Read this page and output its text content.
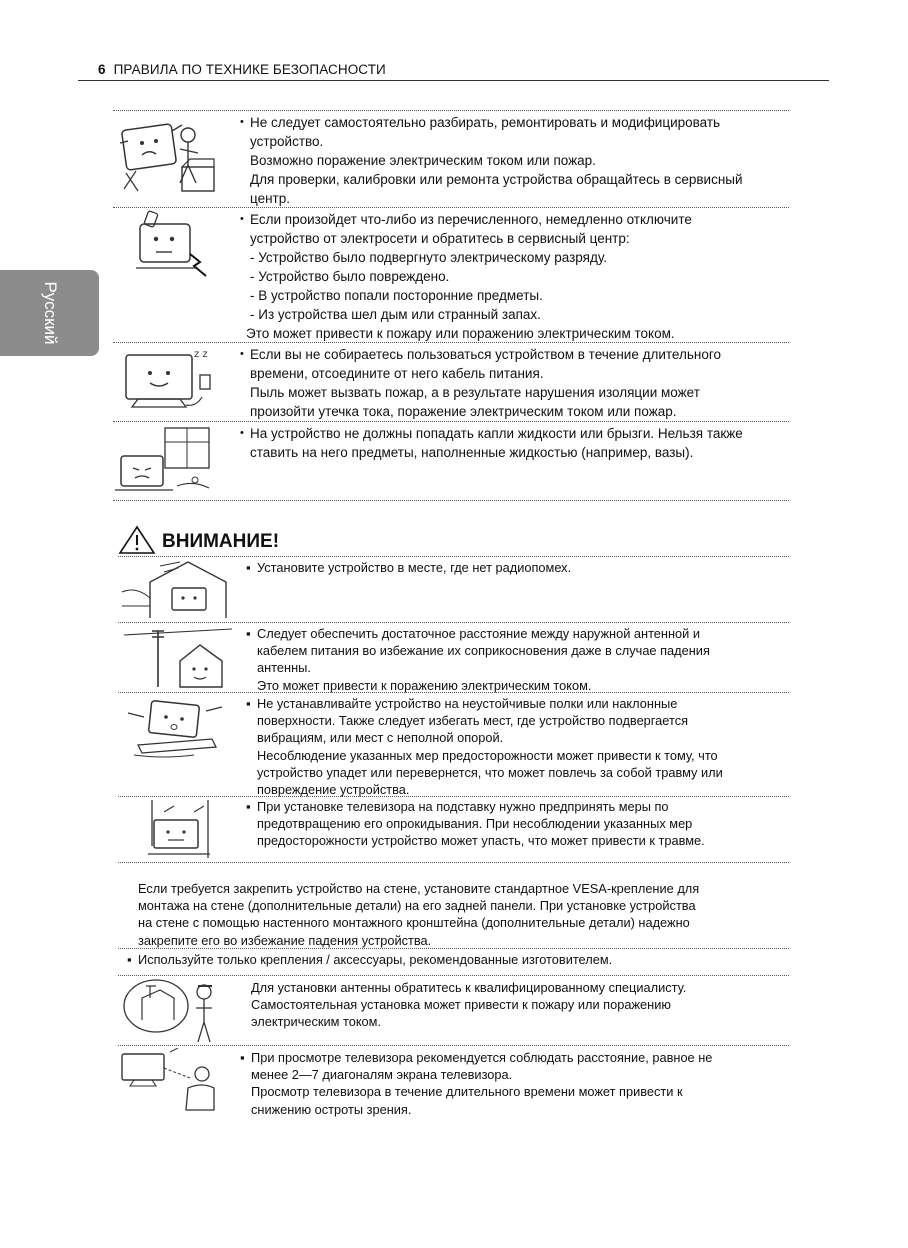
6 ПРАВИЛА ПО ТЕХНИКЕ БЕЗОПАСНОСТИ
Русский

• Не следует самостоятельно разбирать, ремонтировать и модифицировать

устройство.

Возможно поражение электрическим током или пожар.

Для проверки, калибровки или ремонта устройства обращайтесь в сервисный

центр.

• Если произойдет что-либо из перечисленного, немедленно отключите

устройство от электросети и обратитесь в сервисный центр:

- Устройство было подвергнуто электрическому разряду.

- Устройство было повреждено.

- В устройство попали посторонние предметы.

- Из устройства шел дым или странный запах.

Это может привести к пожару или поражению электрическим током.

z z

•	Если вы не собираетесь пользоваться устройством в течение длительного

времени, отсоедините от него кабель питания.

Пыль может вызвать пожар, а в результате нарушения изоляции может

произойти утечка тока, поражение электрическим током или пожар.

• На устройство не должны попадать капли жидкости или брызги. Нельзя также

ставить на него предметы, наполненные жидкостью (например, вазы).

ВНИМАНИЕ!

▪ Установите устройство в месте, где нет радиопомех.

▪ Следует обеспечить достаточное расстояние между наружной антенной и

кабелем питания во избежание их соприкосновения даже в случае падения

антенны.

Это может привести к поражению электрическим током.

▪ Не устанавливайте устройство на неустойчивые полки или наклонные

поверхности. Также следует избегать мест, где устройство подвергается

вибрациям, или мест с неполной опорой.

Несоблюдение указанных мер предосторожности может привести к тому, что

устройство упадет или перевернется, что может повлечь за собой травму или

повреждение устройства.

▪ При установке телевизора на подставку нужно предпринять меры по

предотвращению его опрокидывания. При несоблюдении указанных мер

предосторожности устройство может упасть, что может привести к травме.

Если требуется закрепить устройство на стене, установите стандартное VESA-крепление для

монтажа на стене (дополнительные детали) на его задней панели. При установке устройства

на стене с помощью настенного монтажного кронштейна (дополнительные детали) надежно

закрепите его во избежание падения устройства.

▪ Используйте только крепления / аксессуары, рекомендованные изготовителем.

Для установки антенны обратитесь к квалифицированному специалисту.

Самостоятельная установка может привести к пожару или поражению

электрическим током.

▪ При просмотре телевизора рекомендуется соблюдать расстояние, равное не

менее 2—7 диагоналям экрана телевизора.

Просмотр телевизора в течение длительного времени может привести к

снижению остроты зрения.
